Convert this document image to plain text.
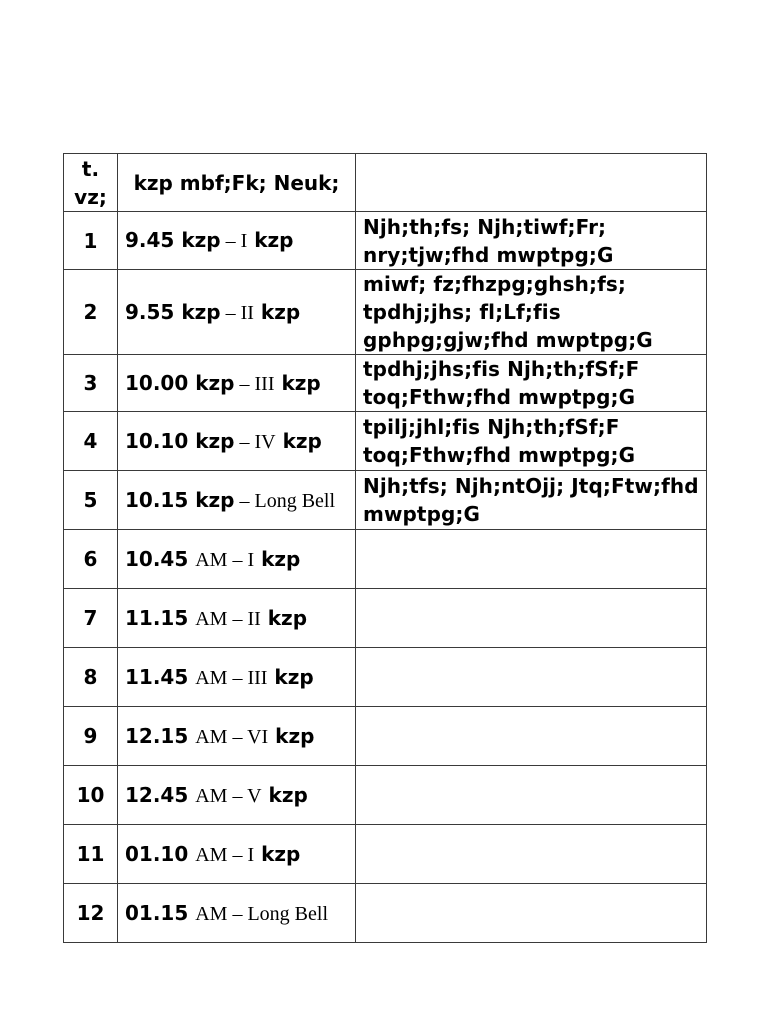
t. vz;	kzp mbf;Fk; Neuk;	
1	9.45 kzp – I kzp	Njh;th;fs; Njh;tiwf;Fr; nry;tjw;fhd mwptpg;G
2	9.55 kzp – II kzp	miwf; fz;fhzpg;ghsh;fs; tpdhj;jhs; fl;Lf;fis gphpg;gjw;fhd mwptpg;G
3	10.00 kzp – III kzp	tpdhj;jhs;fis Njh;th;fSf;F toq;Fthw;fhd mwptpg;G
4	10.10 kzp – IV kzp	tpilj;jhl;fis Njh;th;fSf;F toq;Fthw;fhd mwptpg;G
5	10.15 kzp – Long Bell	Njh;tfs; Njh;ntOjj; Jtq;Ftw;fhd mwptpg;G
6	10.45 AM – I kzp	
7	11.15 AM – II kzp	
8	11.45 AM – III kzp	
9	12.15 AM – VI kzp	
10	12.45 AM – V kzp	
11	01.10 AM – I kzp	
12	01.15 AM – Long Bell	
